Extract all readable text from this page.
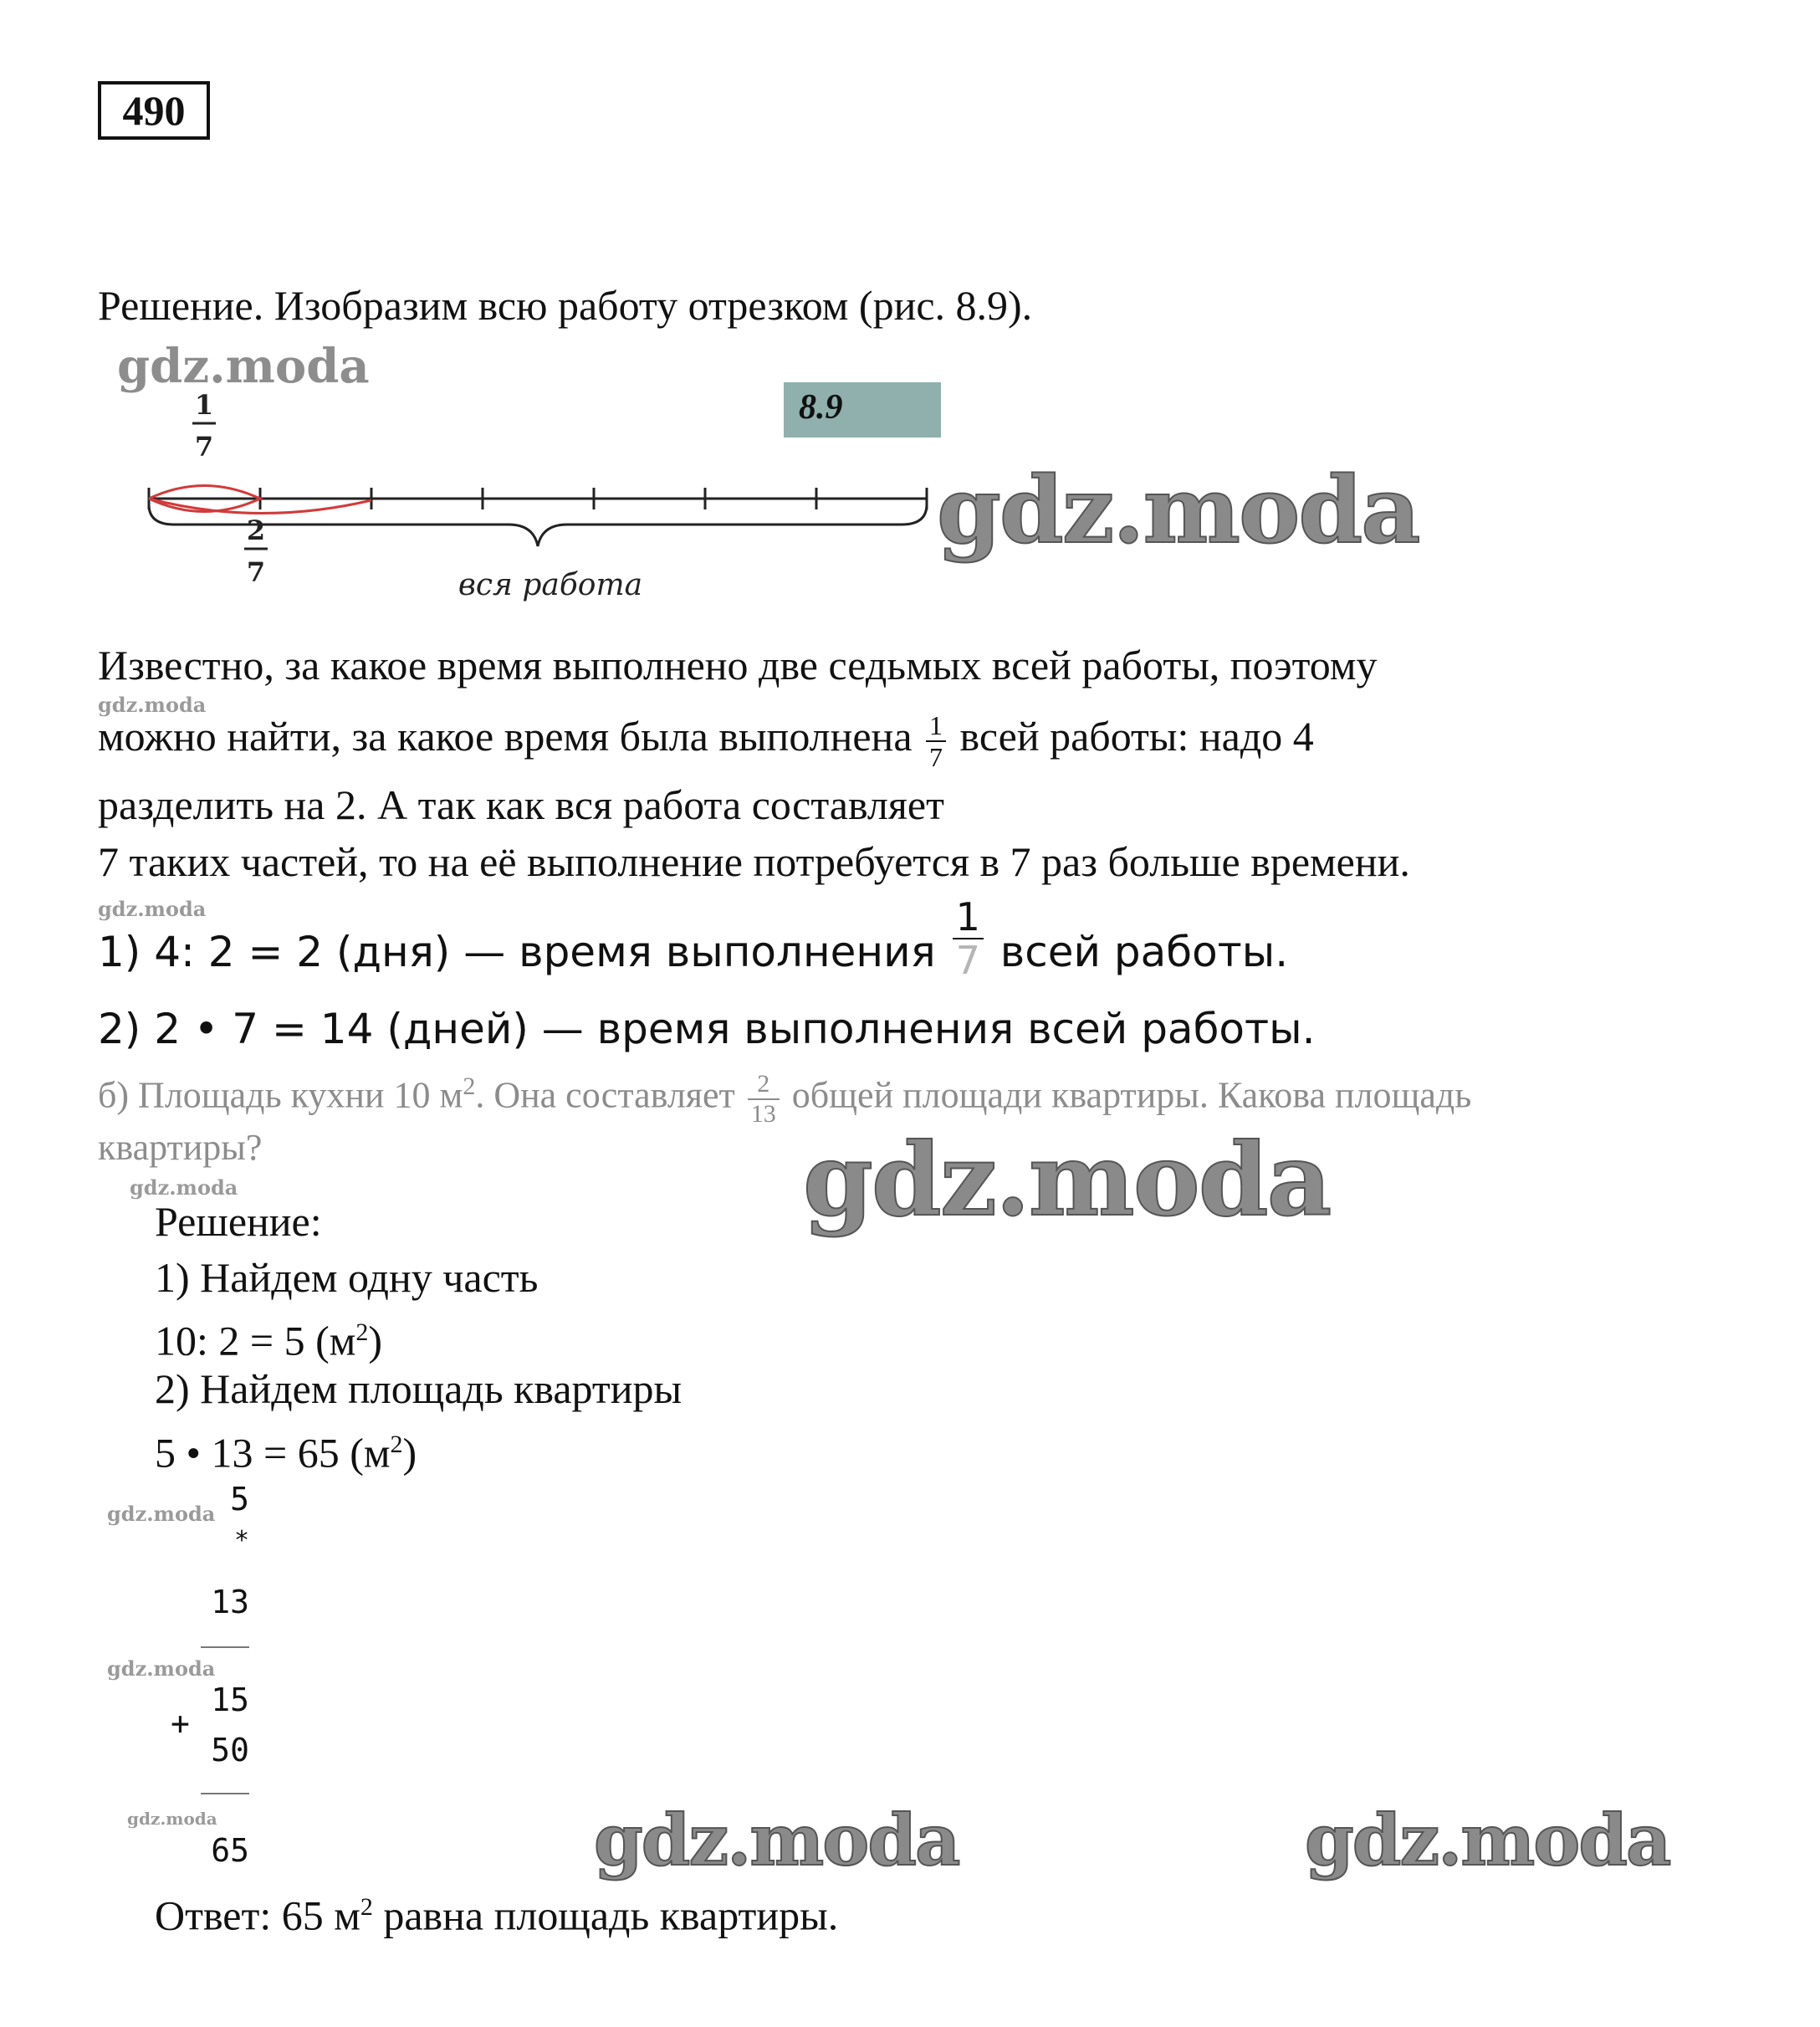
490
Решение. Изобразим всю работу отрезком (рис. 8.9).
8.9
1
7
2
7	вся работа
gdz.moda
gdz.moda
Известно, за какое время выполнено две седьмых всей работы, поэтому
gdz.moda
можно найти, за какое время была выполнена $\frac{1}{7}$ всей работы: надо 4
разделить на 2. А так как вся работа составляет
7 таких частей, то на её выполнение потребуется в 7 раз больше времени.
gdz.moda
1) 4: 2 = 2 (дня) — время выполнения $\frac{1}{7}$ всей работы.
2) 2 • 7 = 14 (дней) — время выполнения всей работы.
б) Площадь кухни 10 $м^2$. Она составляет $\frac{2}{13}$ общей площади квартиры. Какова площадь
квартиры?	gdz.moda
gdz.moda
Решение:
1) Найдем одну часть
10: 2 = 5 $(м^2)$
2) Найдем площадь квартиры
5 • 13 = 65 $(м^2)$
gdz.moda 5
*
13
gdz.moda
15
+
50
gdz.moda
65	gdz.moda	gdz.moda
Ответ: 65 $м^2$ равна площадь квартиры.
